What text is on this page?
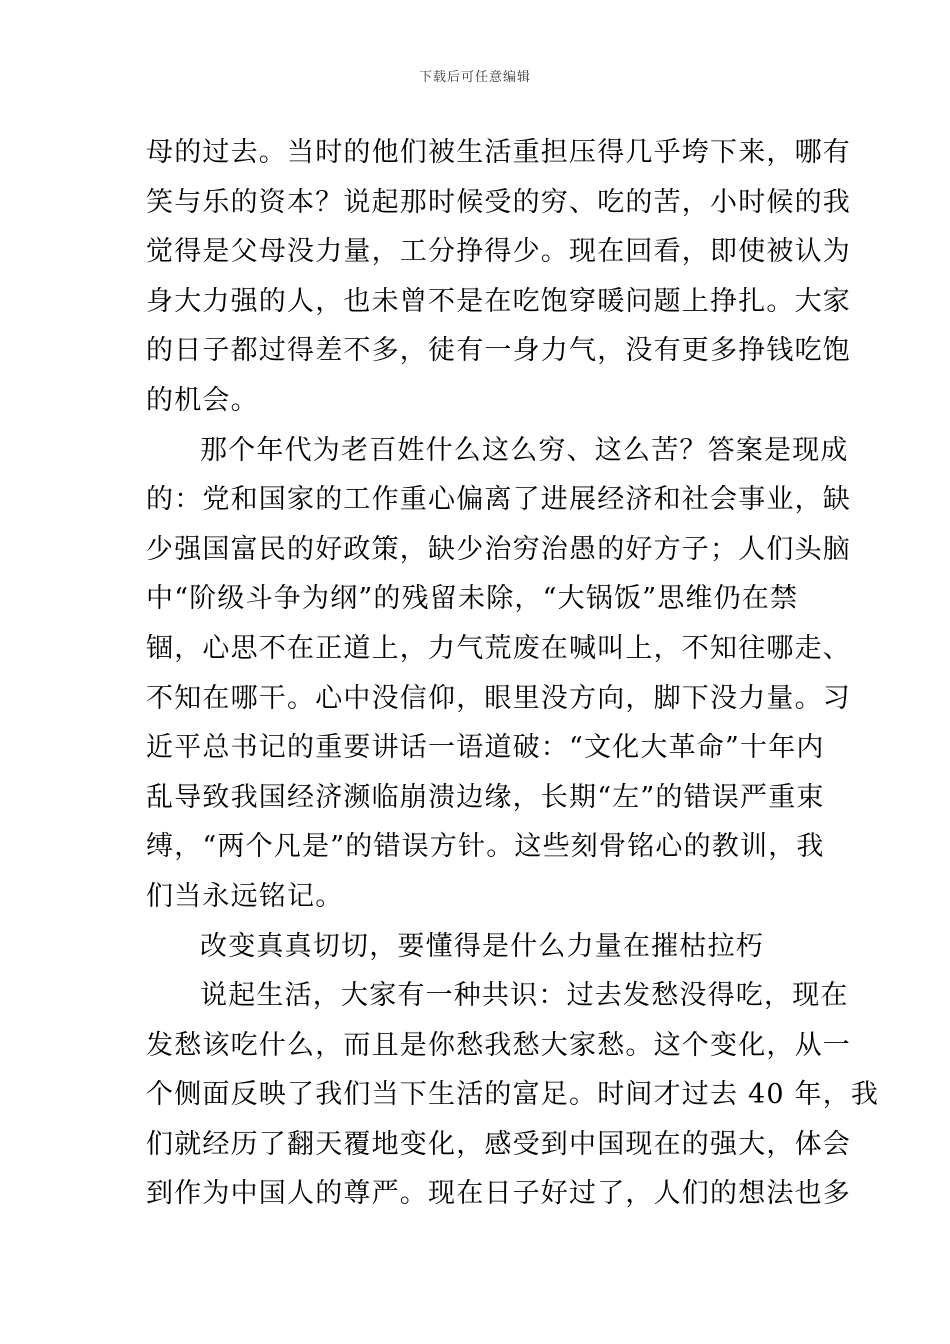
下载后可任意编辑
母的过去。当时的他们被生活重担压得几乎垮下来，哪有
笑与乐的资本？说起那时候受的穷、吃的苦，小时候的我
觉得是父母没力量，工分挣得少。现在回看，即使被认为
身大力强的人，也未曾不是在吃饱穿暖问题上挣扎。大家
的日子都过得差不多，徒有一身力气，没有更多挣钱吃饱
的机会。
那个年代为老百姓什么这么穷、这么苦？答案是现成
的：党和国家的工作重心偏离了进展经济和社会事业，缺
少强国富民的好政策，缺少治穷治愚的好方子；人们头脑
中“阶级斗争为纲”的残留未除，“大锅饭”思维仍在禁
锢，心思不在正道上，力气荒废在喊叫上，不知往哪走、
不知在哪干。心中没信仰，眼里没方向，脚下没力量。习
近平总书记的重要讲话一语道破：“文化大革命”十年内
乱导致我国经济濒临崩溃边缘，长期“左”的错误严重束
缚，“两个凡是”的错误方针。这些刻骨铭心的教训，我
们当永远铭记。
改变真真切切，要懂得是什么力量在摧枯拉朽
说起生活，大家有一种共识：过去发愁没得吃，现在
发愁该吃什么，而且是你愁我愁大家愁。这个变化，从一
个侧面反映了我们当下生活的富足。时间才过去 40 年，我
们就经历了翻天覆地变化，感受到中国现在的强大，体会
到作为中国人的尊严。现在日子好过了，人们的想法也多
